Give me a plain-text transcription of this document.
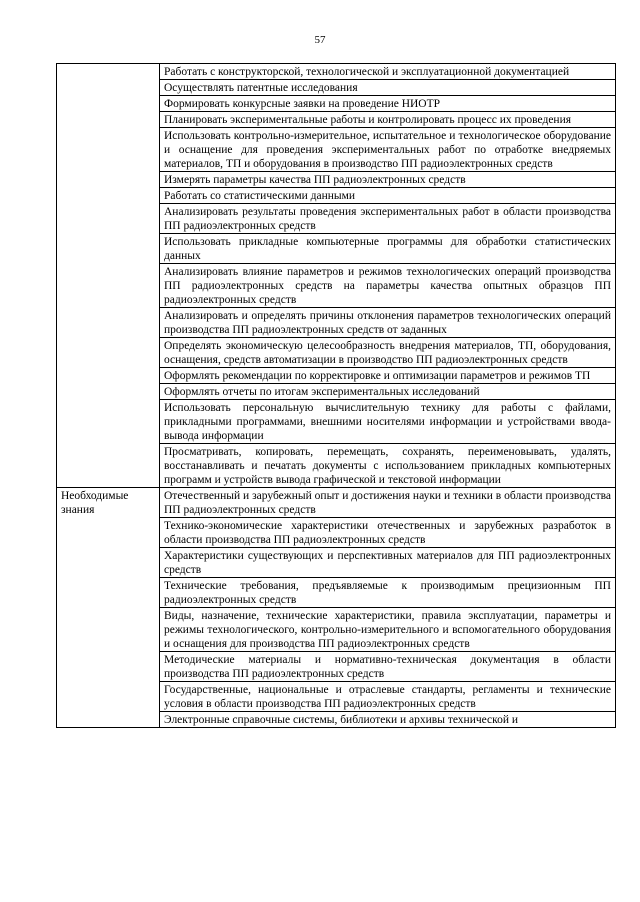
57
	Работать с конструкторской, технологической и эксплуатационной документацией
	Осуществлять патентные исследования
	Формировать конкурсные заявки на проведение НИОТР
	Планировать экспериментальные работы и контролировать процесс их проведения
	Использовать контрольно-измерительное, испытательное и технологическое оборудование и оснащение для проведения экспериментальных работ по отработке внедряемых материалов, ТП и оборудования в производство ПП радиоэлектронных средств
	Измерять параметры качества ПП радиоэлектронных средств
	Работать со статистическими данными
	Анализировать результаты проведения экспериментальных работ в области производства ПП радиоэлектронных средств
	Использовать прикладные компьютерные программы для обработки статистических данных
	Анализировать влияние параметров и режимов технологических операций производства ПП радиоэлектронных средств на параметры качества опытных образцов ПП радиоэлектронных средств
	Анализировать и определять причины отклонения параметров технологических операций производства ПП радиоэлектронных средств от заданных
	Определять экономическую целесообразность внедрения материалов, ТП, оборудования, оснащения, средств автоматизации в производство ПП радиоэлектронных средств
	Оформлять рекомендации по корректировке и оптимизации параметров и режимов ТП
	Оформлять отчеты по итогам экспериментальных исследований
	Использовать персональную вычислительную технику для работы с файлами, прикладными программами, внешними носителями информации и устройствами ввода-вывода информации
	Просматривать, копировать, перемещать, сохранять, переименовывать, удалять, восстанавливать и печатать документы с использованием прикладных компьютерных программ и устройств вывода графической и текстовой информации
Необходимые знания	Отечественный и зарубежный опыт и достижения науки и техники в области производства ПП радиоэлектронных средств
	Технико-экономические характеристики отечественных и зарубежных разработок в области производства ПП радиоэлектронных средств
	Характеристики существующих и перспективных материалов для ПП радиоэлектронных средств
	Технические требования, предъявляемые к производимым прецизионным ПП радиоэлектронных средств
	Виды, назначение, технические характеристики, правила эксплуатации, параметры и режимы технологического, контрольно-измерительного и вспомогательного оборудования и оснащения для производства ПП радиоэлектронных средств
	Методические материалы и нормативно-техническая документация в области производства ПП радиоэлектронных средств
	Государственные, национальные и отраслевые стандарты, регламенты и технические условия в области производства ПП радиоэлектронных средств

	Электронные справочные системы, библиотеки и архивы технической и
